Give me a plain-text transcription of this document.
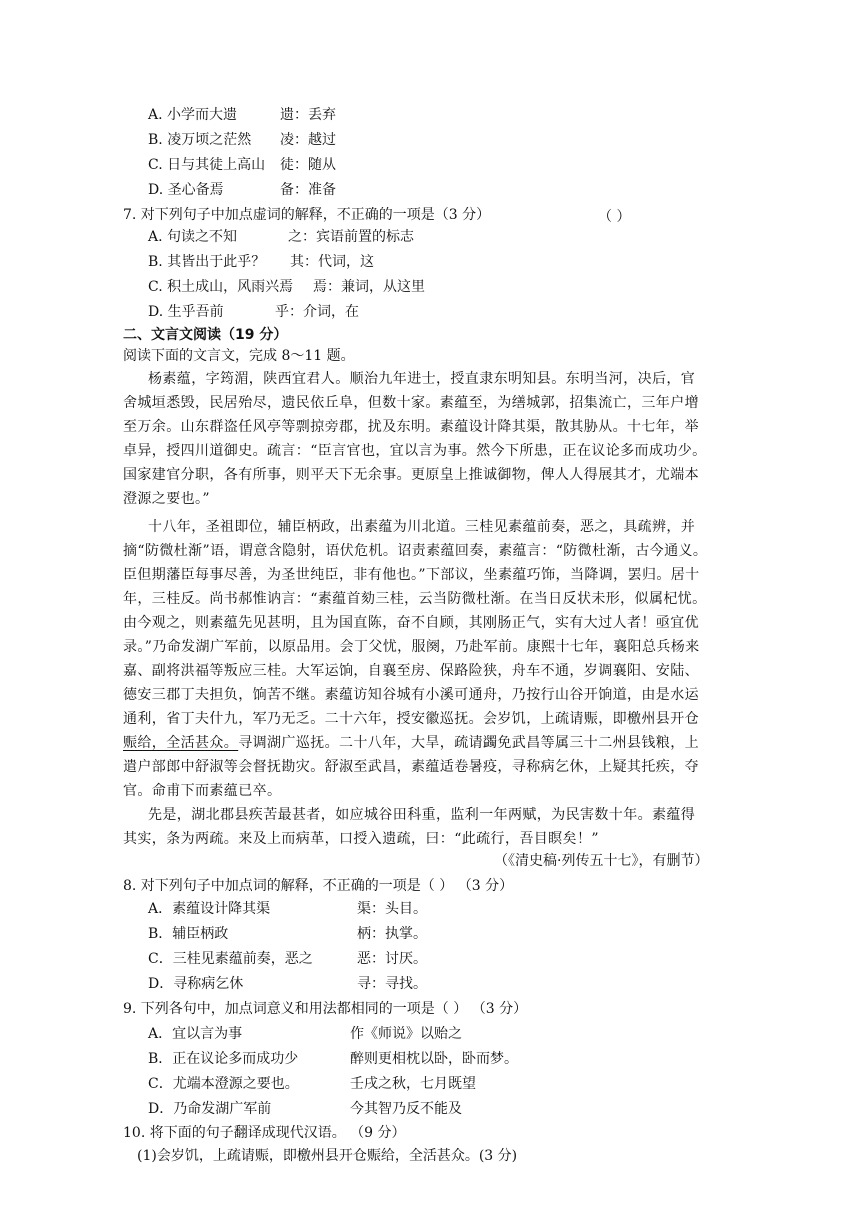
A. 小学而大遗	遗：丢弃
B. 凌万顷之茫然 凌：越过
C. 日与其徒上高山 徒：随从
D. 圣心备焉	备：准备
7. 对下列句子中加点虚词的解释，不正确的一项是（3 分）	（ ）
A. 句读之不知	之：宾语前置的标志
B. 其皆出于此乎？ 其：代词，这
C. 积土成山，风雨兴焉 焉：兼词，从这里
D. 生乎吾前	乎：介词，在
二、文言文阅读（19 分）
阅读下面的文言文，完成 8～11 题。
杨素蕴，字筠湄，陕西宜君人。顺治九年进士，授直隶东明知县。东明当河，决后，官
舍城垣悉毁，民居殆尽，遗民依丘阜，但数十家。素蕴至，为缮城郭，招集流亡，三年户增
至万余。山东群盗任风亭等剽掠旁郡，扰及东明。素蕴设计降其渠，散其胁从。十七年，举
卓异，授四川道御史。疏言：“臣言官也，宜以言为事。然今下所患，正在议论多而成功少。
国家建官分职，各有所事，则平天下无余事。更原皇上推诚御物，俾人人得展其才，尤端本
澄源之要也。”
十八年，圣祖即位，辅臣柄政，出素蕴为川北道。三桂见素蕴前奏，恶之，具疏辨，并
摘“防微杜渐”语，谓意含隐射，语伏危机。诏责素蕴回奏，素蕴言：“防微杜渐，古今通义。
臣但期藩臣每事尽善，为圣世纯臣，非有他也。”下部议，坐素蕴巧饰，当降调，罢归。居十
年，三桂反。尚书郝惟讷言：“素蕴首劾三桂，云当防微杜渐。在当日反状未形，似属杞忧。
由今观之，则素蕴先见甚明，且为国直陈，奋不自顾，其刚肠正气，实有大过人者！亟宜优
录。”乃命发湖广军前，以原品用。会丁父忧，服阕，乃赴军前。康熙十七年，襄阳总兵杨来
嘉、副将洪福等叛应三桂。大军运饷，自襄至房、保路险狭，舟车不通，岁调襄阳、安陆、
德安三郡丁夫担负，饷苦不继。素蕴访知谷城有小溪可通舟，乃按行山谷开饷道，由是水运
通利，省丁夫什九，军乃无乏。二十六年，授安徽巡抚。会岁饥，上疏请赈，即檄州县开仓
赈给，全活甚众。寻调湖广巡抚。二十八年，大旱，疏请蠲免武昌等属三十二州县钱粮，上
遣户部郎中舒淑等会督抚勘灾。舒淑至武昌，素蕴适卷暑疫，寻称病乞休，上疑其托疾，夺
官。命甫下而素蕴已卒。
先是，湖北郡县疾苦最甚者，如应城谷田科重，监利一年两赋，为民害数十年。素蕴得
其实，条为两疏。来及上而病革，口授入遗疏，曰：“此疏行，吾目瞑矣！”
（《清史稿·列传五十七》，有删节）
8. 对下列句子中加点词的解释，不正确的一项是（ ） （3 分）
A．素蕴设计降其渠	渠：头目。
B．辅臣柄政	柄：执掌。
C．三桂见素蕴前奏，恶之	恶：讨厌。
D．寻称病乞休	寻：寻找。
9. 下列各句中，加点词意义和用法都相同的一项是（ ） （3 分）
A．宜以言为事	作《师说》以贻之
B．正在议论多而成功少	醉则更相枕以卧，卧而梦。
C．尤端本澄源之要也。	壬戌之秋，七月既望
D．乃命发湖广军前	今其智乃反不能及
10. 将下面的句子翻译成现代汉语。 （9 分）
(1)会岁饥，上疏请赈，即檄州县开仓赈给，全活甚众。(3 分)
